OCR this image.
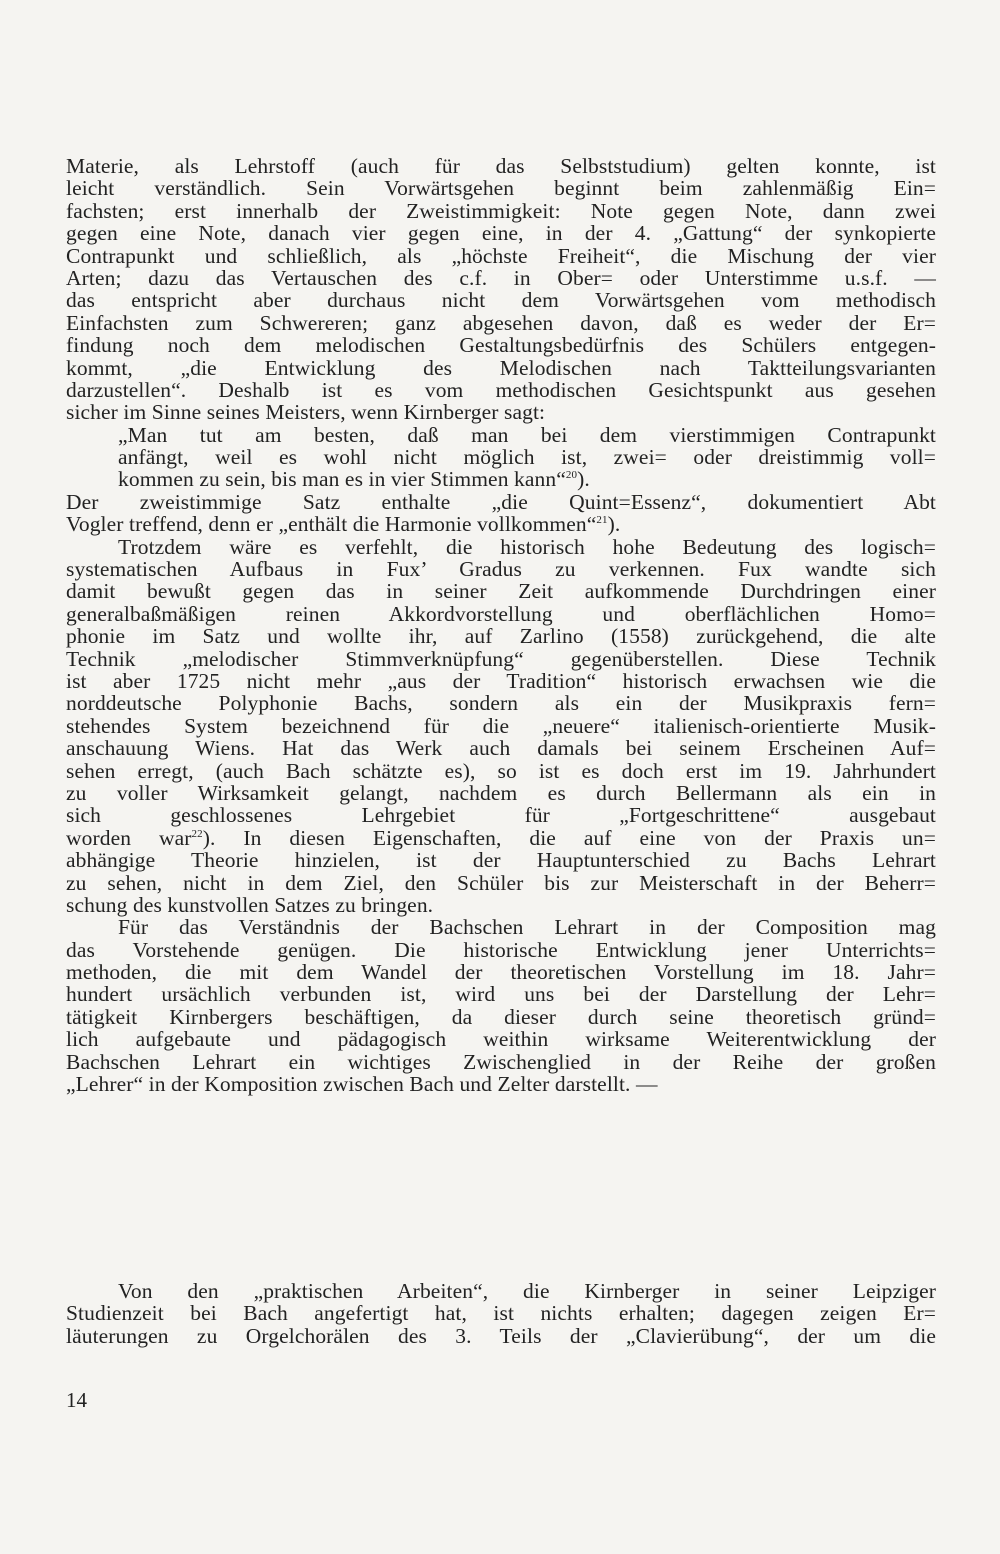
Materie, als Lehrstoff (auch für das Selbststudium) gelten konnte, ist
leicht verständlich. Sein Vorwärtsgehen beginnt beim zahlenmäßig Ein=
fachsten; erst innerhalb der Zweistimmigkeit: Note gegen Note, dann zwei
gegen eine Note, danach vier gegen eine, in der 4. „Gattung“ der synkopierte
Contrapunkt und schließlich, als „höchste Freiheit“, die Mischung der vier
Arten; dazu das Vertauschen des c.f. in Ober= oder Unterstimme u.s.f. —
das entspricht aber durchaus nicht dem Vorwärtsgehen vom methodisch
Einfachsten zum Schwereren; ganz abgesehen davon, daß es weder der Er=
findung noch dem melodischen Gestaltungsbedürfnis des Schülers entgegen-
kommt, „die Entwicklung des Melodischen nach Taktteilungsvarianten
darzustellen“. Deshalb ist es vom methodischen Gesichtspunkt aus gesehen
sicher im Sinne seines Meisters, wenn Kirnberger sagt:
„Man tut am besten, daß man bei dem vierstimmigen Contrapunkt
anfängt, weil es wohl nicht möglich ist, zwei= oder dreistimmig voll=
kommen zu sein, bis man es in vier Stimmen kann“$^{20}$).
Der zweistimmige Satz enthalte „die Quint=Essenz“, dokumentiert Abt
Vogler treffend, denn er „enthält die Harmonie vollkommen“$^{21}$).
Trotzdem wäre es verfehlt, die historisch hohe Bedeutung des logisch=
systematischen Aufbaus in Fux’ Gradus zu verkennen. Fux wandte sich
damit bewußt gegen das in seiner Zeit aufkommende Durchdringen einer
generalbaßmäßigen reinen Akkordvorstellung und oberflächlichen Homo=
phonie im Satz und wollte ihr, auf Zarlino (1558) zurückgehend, die alte
Technik „melodischer Stimmverknüpfung“ gegenüberstellen. Diese Technik
ist aber 1725 nicht mehr „aus der Tradition“ historisch erwachsen wie die
norddeutsche Polyphonie Bachs, sondern als ein der Musikpraxis fern=
stehendes System bezeichnend für die „neuere“ italienisch-orientierte Musik-
anschauung Wiens. Hat das Werk auch damals bei seinem Erscheinen Auf=
sehen erregt, (auch Bach schätzte es), so ist es doch erst im 19. Jahrhundert
zu voller Wirksamkeit gelangt, nachdem es durch Bellermann als ein in
sich geschlossenes Lehrgebiet für „Fortgeschrittene“ ausgebaut
worden war$^{22}$). In diesen Eigenschaften, die auf eine von der Praxis un=
abhängige Theorie hinzielen, ist der Hauptunterschied zu Bachs Lehrart
zu sehen, nicht in dem Ziel, den Schüler bis zur Meisterschaft in der Beherr=
schung des kunstvollen Satzes zu bringen.
Für das Verständnis der Bachschen Lehrart in der Composition mag
das Vorstehende genügen. Die historische Entwicklung jener Unterrichts=
methoden, die mit dem Wandel der theoretischen Vorstellung im 18. Jahr=
hundert ursächlich verbunden ist, wird uns bei der Darstellung der Lehr=
tätigkeit Kirnbergers beschäftigen, da dieser durch seine theoretisch gründ=
lich aufgebaute und pädagogisch weithin wirksame Weiterentwicklung der
Bachschen Lehrart ein wichtiges Zwischenglied in der Reihe der großen
„Lehrer“ in der Komposition zwischen Bach und Zelter darstellt. —
Von den „praktischen Arbeiten“, die Kirnberger in seiner Leipziger
Studienzeit bei Bach angefertigt hat, ist nichts erhalten; dagegen zeigen Er=
läuterungen zu Orgelchorälen des 3. Teils der „Clavierübung“, der um die
14
